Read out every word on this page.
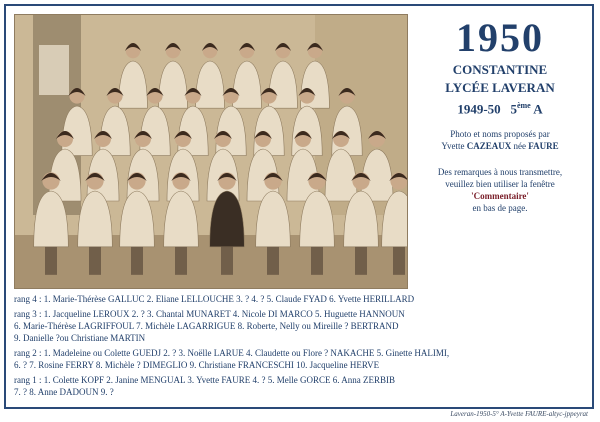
1950
CONSTANTINE
LYCÉE LAVERAN
1949-50 5ème A
Photo et noms proposés par
Yvette CAZEAUX née FAURE
Des remarques à nous transmettre,
veuillez bien utiliser la fenêtre
'Commentaire'
en bas de page.
rang 4 : 1. Marie-Thérèse GALLUC 2. Eliane LELLOUCHE 3. ? 4. ? 5. Claude FYAD 6. Yvette HERILLARD
rang 3 : 1. Jacqueline LEROUX 2. ? 3. Chantal MUNARET 4. Nicole DI MARCO 5. Huguette HANNOUN
6. Marie-Thérèse LAGRIFFOUL 7. Michèle LAGARRIGUE 8. Roberte, Nelly ou Mireille ? BERTRAND
9. Danielle ?ou Christiane MARTIN
rang 2 : 1. Madeleine ou Colette GUEDJ 2. ? 3. Noëlle LARUE 4. Claudette ou Flore ? NAKACHE 5. Ginette HALIMI,
6. ? 7. Rosine FERRY 8. Michèle ? DIMEGLIO 9. Christiane FRANCESCHI 10. Jacqueline HERVE
rang 1 : 1. Colette KOPF 2. Janine MENGUAL 3. Yvette FAURE 4. ? 5. Melle GORCE 6. Anna ZERBIB
7. ? 8. Anne DADOUN 9. ?
Laveran-1950-5° A-Yvette FAURE-altyc-jppeyrat
